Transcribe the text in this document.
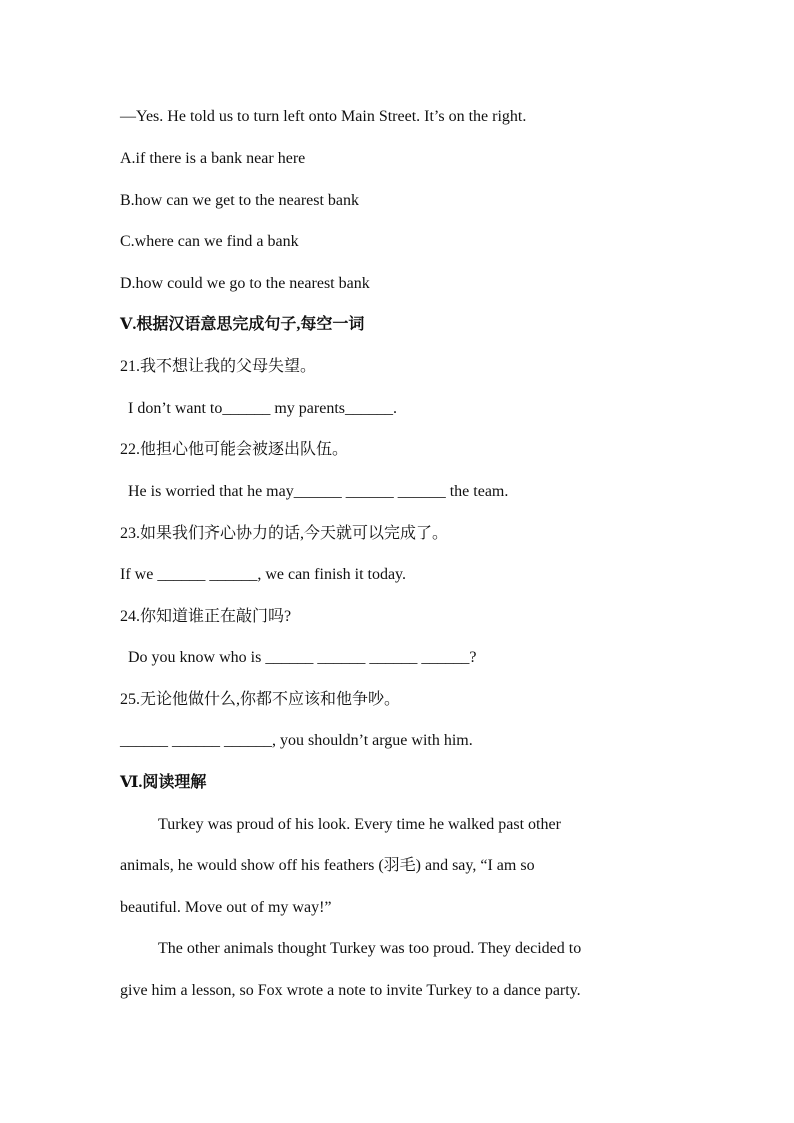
—Yes. He told us to turn left onto Main Street. It’s on the right.
A.if there is a bank near here
B.how can we get to the nearest bank
C.where can we find a bank
D.how could we go to the nearest bank
Ⅴ.根据汉语意思完成句子,每空一词
21.我不想让我的父母失望。
I don’t want to______ my parents______.
22.他担心他可能会被逐出队伍。
He is worried that he may______ ______ ______ the team.
23.如果我们齐心协力的话,今天就可以完成了。
If we ______ ______, we can finish it today.
24.你知道谁正在敲门吗?
Do you know who is ______ ______ ______ ______?
25.无论他做什么,你都不应该和他争吵。
______ ______ ______, you shouldn’t argue with him.
Ⅵ.阅读理解
Turkey was proud of his look. Every time he walked past other
animals, he would show off his feathers (羽毛) and say, “I am so
beautiful. Move out of my way!”
The other animals thought Turkey was too proud. They decided to
give him a lesson, so Fox wrote a note to invite Turkey to a dance party.
